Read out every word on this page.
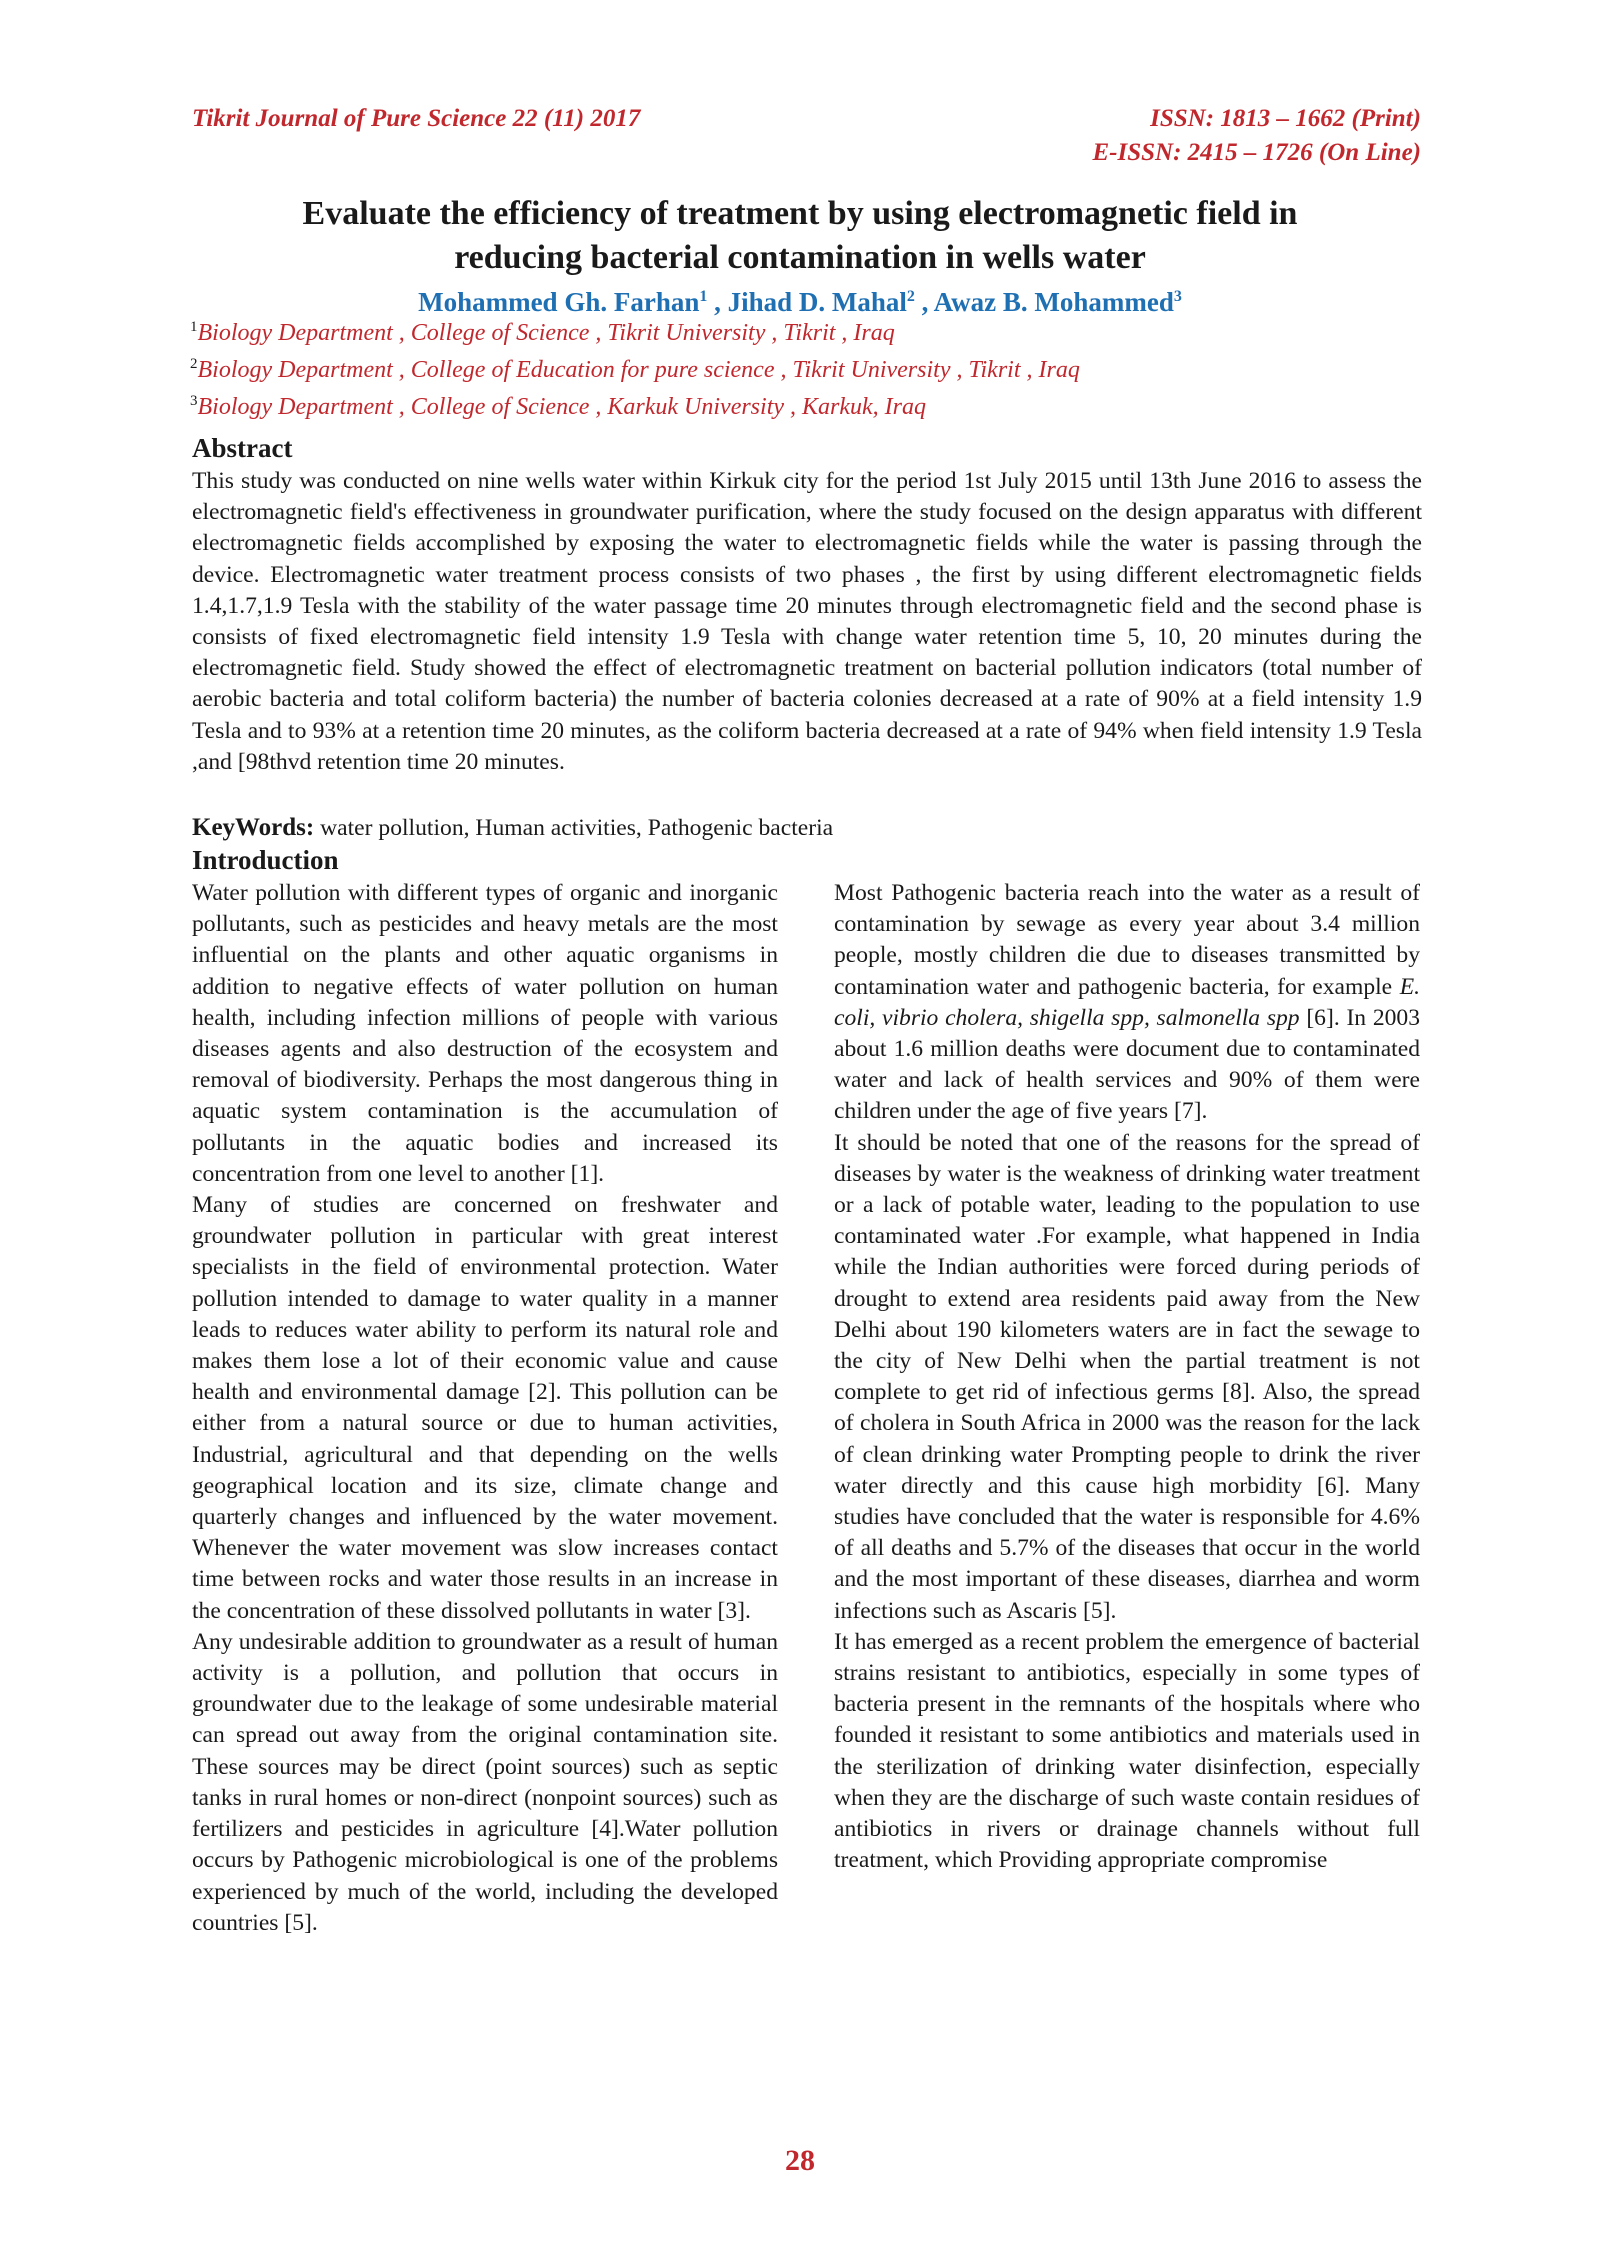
Tikrit Journal of Pure Science 22 (11) 2017	ISSN: 1813 – 1662 (Print)
E-ISSN: 2415 – 1726 (On Line)
Evaluate the efficiency of treatment by using electromagnetic field in
reducing bacterial contamination in wells water
Mohammed Gh. Farhan$^1$ , Jihad D. Mahal$^2$ , Awaz B. Mohammed$^3$
$^1$Biology Department , College of Science , Tikrit University , Tikrit , Iraq
$^2$Biology Department , College of Education for pure science , Tikrit University , Tikrit , Iraq
$^3$Biology Department , College of Science , Karkuk University , Karkuk, Iraq
Abstract
This study was conducted on nine wells water within Kirkuk city for the period 1st July 2015 until 13th June 2016 to assess the electromagnetic field's effectiveness in groundwater purification, where the study focused on the design apparatus with different electromagnetic fields accomplished by exposing the water to electromagnetic fields while the water is passing through the device. Electromagnetic water treatment process consists of two phases , the first by using different electromagnetic fields 1.4,1.7,1.9 Tesla with the stability of the water passage time 20 minutes through electromagnetic field and the second phase is consists of fixed electromagnetic field intensity 1.9 Tesla with change water retention time 5, 10, 20 minutes during the electromagnetic field. Study showed the effect of electromagnetic treatment on bacterial pollution indicators (total number of aerobic bacteria and total coliform bacteria) the number of bacteria colonies decreased at a rate of 90% at a field intensity 1.9 Tesla and to 93% at a retention time 20 minutes, as the coliform bacteria decreased at a rate of 94% when field intensity 1.9 Tesla ,and [98thvd retention time 20 minutes.
KeyWords: water pollution, Human activities, Pathogenic bacteria
Introduction

Water pollution with different types of organic and inorganic pollutants, such as pesticides and heavy metals are the most influential on the plants and other aquatic organisms in addition to negative effects of water pollution on human health, including infection millions of people with various diseases agents and also destruction of the ecosystem and removal of biodiversity. Perhaps the most dangerous thing in aquatic system contamination is the accumulation of pollutants in the aquatic bodies and increased its concentration from one level to another [1].

Many of studies are concerned on freshwater and groundwater pollution in particular with great interest specialists in the field of environmental protection. Water pollution intended to damage to water quality in a manner leads to reduces water ability to perform its natural role and makes them lose a lot of their economic value and cause health and environmental damage [2]. This pollution can be either from a natural source or due to human activities, Industrial, agricultural and that depending on the wells geographical location and its size, climate change and quarterly changes and influenced by the water movement. Whenever the water movement was slow increases contact time between rocks and water those results in an increase in the concentration of these dissolved pollutants in water [3].

Any undesirable addition to groundwater as a result of human activity is a pollution, and pollution that occurs in groundwater due to the leakage of some undesirable material can spread out away from the original contamination site. These sources may be direct (point sources) such as septic tanks in rural homes or non-direct (nonpoint sources) such as fertilizers and pesticides in agriculture [4].Water pollution occurs by Pathogenic microbiological is one of the problems experienced by much of the world, including the developed countries [5].

Most Pathogenic bacteria reach into the water as a result of contamination by sewage as every year about 3.4 million people, mostly children die due to diseases transmitted by contamination water and pathogenic bacteria, for example E. coli, vibrio cholera, shigella spp, salmonella spp [6]. In 2003 about 1.6 million deaths were document due to contaminated water and lack of health services and 90% of them were children under the age of five years [7].

It should be noted that one of the reasons for the spread of diseases by water is the weakness of drinking water treatment or a lack of potable water, leading to the population to use contaminated water .For example, what happened in India while the Indian authorities were forced during periods of drought to extend area residents paid away from the New Delhi about 190 kilometers waters are in fact the sewage to the city of New Delhi when the partial treatment is not complete to get rid of infectious germs [8]. Also, the spread of cholera in South Africa in 2000 was the reason for the lack of clean drinking water Prompting people to drink the river water directly and this cause high morbidity [6]. Many studies have concluded that the water is responsible for 4.6% of all deaths and 5.7% of the diseases that occur in the world and the most important of these diseases, diarrhea and worm infections such as Ascaris [5].

It has emerged as a recent problem the emergence of bacterial strains resistant to antibiotics, especially in some types of bacteria present in the remnants of the hospitals where who founded it resistant to some antibiotics and materials used in the sterilization of drinking water disinfection, especially when they are the discharge of such waste contain residues of antibiotics in rivers or drainage channels without full treatment, which Providing appropriate compromise

28
